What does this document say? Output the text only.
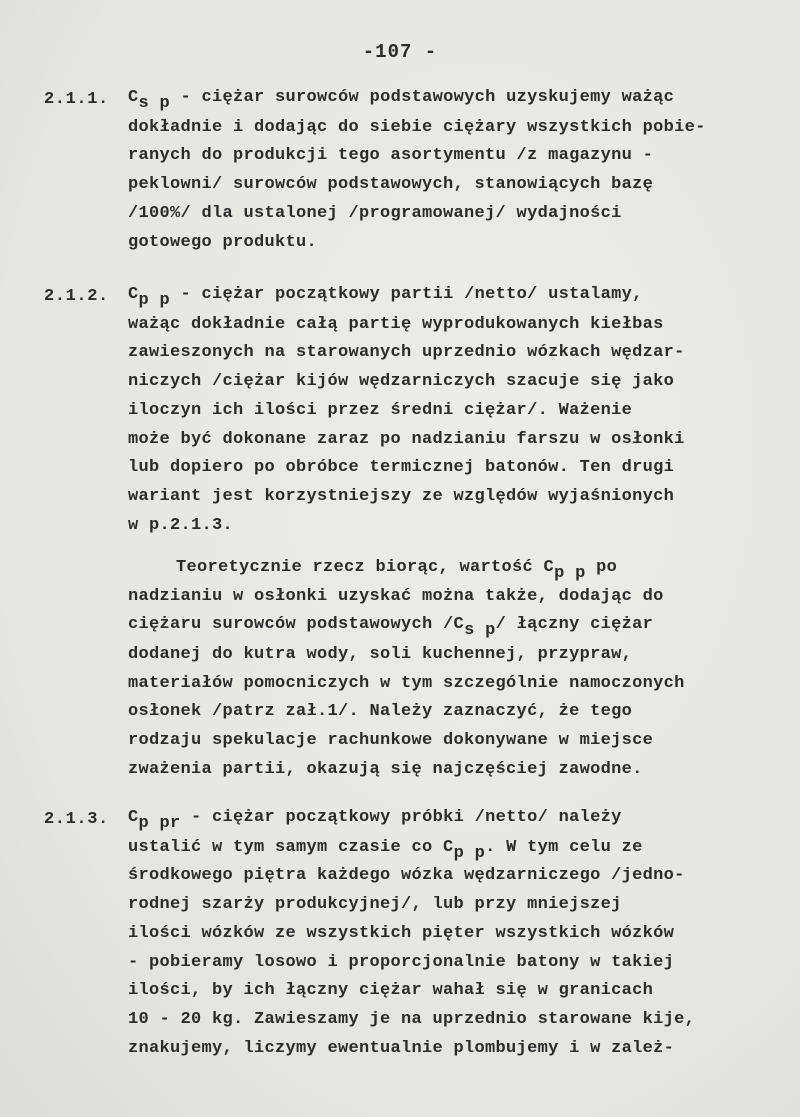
-107 -
2.1.1. $C_{s p}$ - ciężar surowców podstawowych uzyskujemy ważąc
dokładnie i dodając do siebie ciężary wszystkich pobie-
ranych do produkcji tego asortymentu /z magazynu -
peklowni/ surowców podstawowych, stanowiących bazę
/100%/ dla ustalonej /programowanej/ wydajności
gotowego produktu.
2.1.2. $C_{p p}$ - ciężar początkowy partii /netto/ ustalamy,
ważąc dokładnie całą partię wyprodukowanych kiełbas
zawieszonych na starowanych uprzednio wózkach wędzar-
niczych /ciężar kijów wędzarniczych szacuje się jako
iloczyn ich ilości przez średni ciężar/. Ważenie
może być dokonane zaraz po nadzianiu farszu w osłonki
lub dopiero po obróbce termicznej batonów. Ten drugi
wariant jest korzystniejszy ze względów wyjaśnionych
w p.2.1.3.
Teoretycznie rzecz biorąc, wartość $C_{p p}$ po
nadzianiu w osłonki uzyskać można także, dodając do
ciężaru surowców podstawowych $/C_{s p}/$ łączny ciężar
dodanej do kutra wody, soli kuchennej, przypraw,
materiałów pomocniczych w tym szczególnie namoczonych
osłonek /patrz zał.1/. Należy zaznaczyć, że tego
rodzaju spekulacje rachunkowe dokonywane w miejsce
zważenia partii, okazują się najczęściej zawodne.
2.1.3. $C_{p pr}$ - ciężar początkowy próbki /netto/ należy
ustalić w tym samym czasie co $C_{p p}$. W tym celu ze
środkowego piętra każdego wózka wędzarniczego /jedno-
rodnej szarży produkcyjnej/, lub przy mniejszej
ilości wózków ze wszystkich pięter wszystkich wózków
- pobieramy losowo i proporcjonalnie batony w takiej
ilości, by ich łączny ciężar wahał się w granicach
10 - 20 kg. Zawieszamy je na uprzednio starowane kije,
znakujemy, liczymy ewentualnie plombujemy i w zależ-
